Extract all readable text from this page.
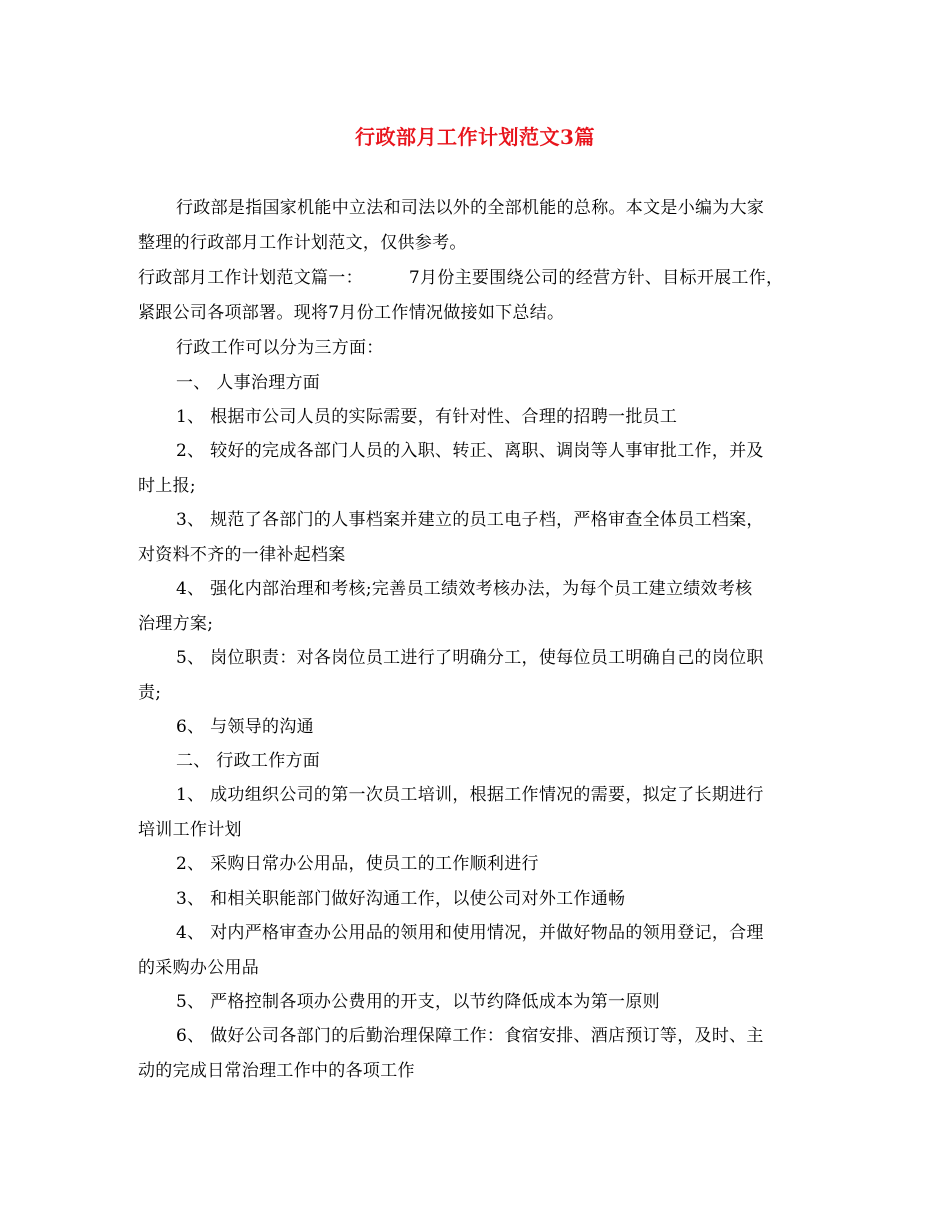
行政部月工作计划范文3篇
行政部是指国家机能中立法和司法以外的全部机能的总称。本文是小编为大家
整理的行政部月工作计划范文，仅供参考。
行政部月工作计划范文篇一：	7月份主要围绕公司的经营方针、目标开展工作，
紧跟公司各项部署。现将7月份工作情况做接如下总结。
行政工作可以分为三方面：
一、 人事治理方面
1、 根据市公司人员的实际需要，有针对性、合理的招聘一批员工
2、 较好的完成各部门人员的入职、转正、离职、调岗等人事审批工作，并及
时上报;
3、 规范了各部门的人事档案并建立的员工电子档，严格审查全体员工档案，
对资料不齐的一律补起档案
4、 强化内部治理和考核;完善员工绩效考核办法，为每个员工建立绩效考核
治理方案;
5、 岗位职责：对各岗位员工进行了明确分工，使每位员工明确自己的岗位职
责;
6、 与领导的沟通
二、 行政工作方面
1、 成功组织公司的第一次员工培训，根据工作情况的需要，拟定了长期进行
培训工作计划
2、 采购日常办公用品，使员工的工作顺利进行
3、 和相关职能部门做好沟通工作，以使公司对外工作通畅
4、 对内严格审查办公用品的领用和使用情况，并做好物品的领用登记，合理
的采购办公用品
5、 严格控制各项办公费用的开支，以节约降低成本为第一原则
6、 做好公司各部门的后勤治理保障工作：食宿安排、酒店预订等，及时、主
动的完成日常治理工作中的各项工作
